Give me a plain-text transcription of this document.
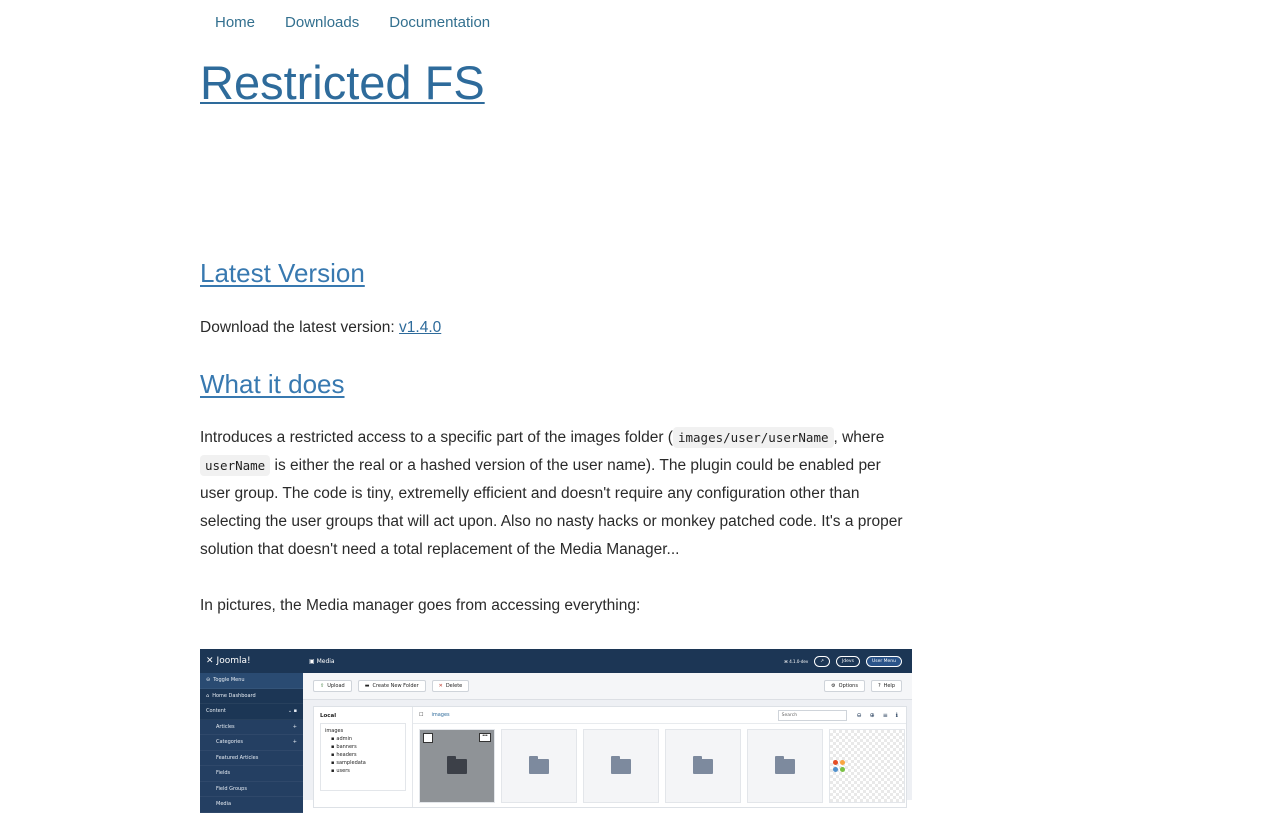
Home	Downloads	Documentation
Restricted FS
Latest Version

Download the latest version: v1.4.0

What it does

Introduces a restricted access to a specific part of the images folder ( images/user/userName , where userName is either the real or a hashed version of the user name). The plugin could be enabled per user group. The code is tiny, extremelly efficient and doesn't require any configuration other than selecting the user groups that will act upon. Also no nasty hacks or monkey patched code. It's a proper solution that doesn't need a total replacement of the Media Manager...

In pictures, the Media manager goes from accessing everything:

✕ Joomla!
⊖ Toggle Menu
⌂ Home Dashboard
Content	⌄ ▪
Articles	+
Categories	+
Featured Articles
Fields
Field Groups
Media
▣ Media	⌘ 4.1.0-dev	↗	Jdevs	User Menu
⇪ Upload	▬ Create New Folder	✕ Delete	⚙ Options	? Help
Local
images
▪ admin
▪ banners
▪ headers
▪ sampledata
▪ users
☐ images	Search	⊖ ⊕ ≡ ℹ
•••
